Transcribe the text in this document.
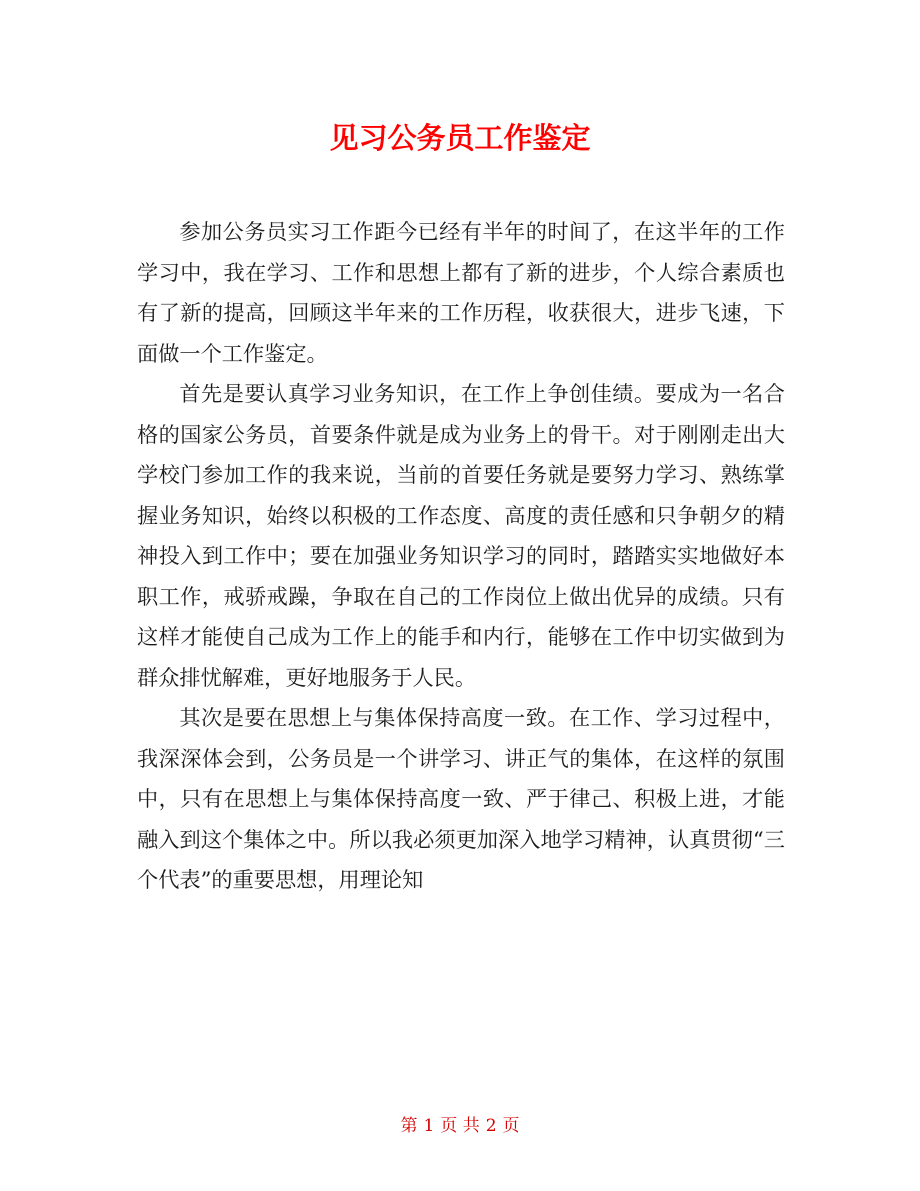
见习公务员工作鉴定

参加公务员实习工作距今已经有半年的时间了，在这半年的工作学习中，我在学习、工作和思想上都有了新的进步，个人综合素质也有了新的提高，回顾这半年来的工作历程，收获很大，进步飞速，下面做一个工作鉴定。

首先是要认真学习业务知识，在工作上争创佳绩。要成为一名合格的国家公务员，首要条件就是成为业务上的骨干。对于刚刚走出大学校门参加工作的我来说，当前的首要任务就是要努力学习、熟练掌握业务知识，始终以积极的工作态度、高度的责任感和只争朝夕的精神投入到工作中；要在加强业务知识学习的同时，踏踏实实地做好本职工作，戒骄戒躁，争取在自己的工作岗位上做出优异的成绩。只有这样才能使自己成为工作上的能手和内行，能够在工作中切实做到为群众排忧解难，更好地服务于人民。

其次是要在思想上与集体保持高度一致。在工作、学习过程中，我深深体会到，公务员是一个讲学习、讲正气的集体，在这样的氛围中，只有在思想上与集体保持高度一致、严于律己、积极上进，才能融入到这个集体之中。所以我必须更加深入地学习精神，认真贯彻“三个代表”的重要思想，用理论知

第 1 页 共 2 页
